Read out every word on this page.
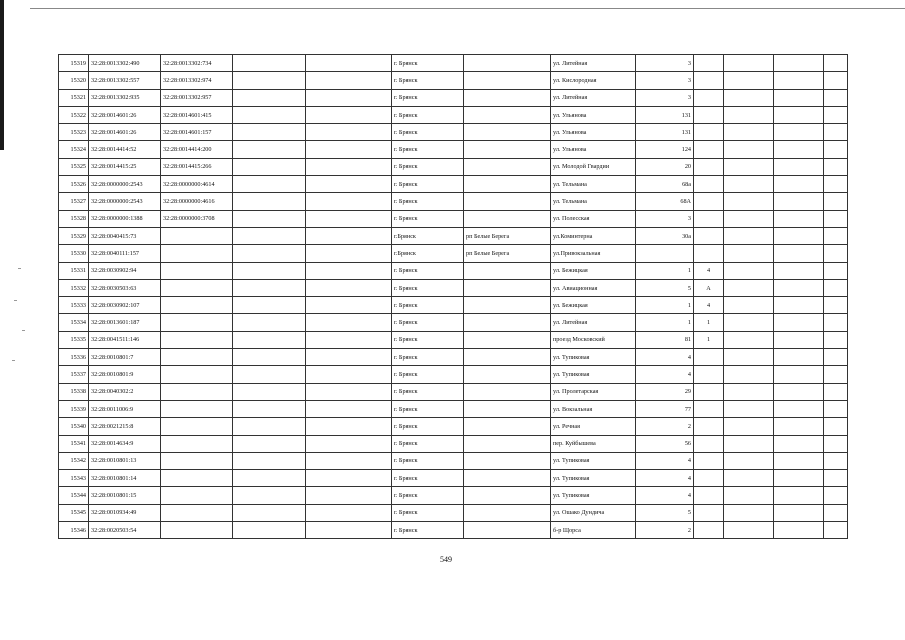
15319	32:28:0013302:490	32:28:0013302:734			г. Брянск		ул. Литейная	3				
15320	32:28:0013302:557	32:28:0013302:974			г. Брянск		ул. Кислородная	3				
15321	32:28:0013302:935	32:28:0013302:957			г. Брянск		ул. Литейная	3				
15322	32:28:0014601:26	32:28:0014601:415			г. Брянск		ул. Ульянова	131				
15323	32:28:0014601:26	32:28:0014601:157			г. Брянск		ул. Ульянова	131				
15324	32:28:0014414:52	32:28:0014414:200			г. Брянск		ул. Ульянова	124				
15325	32:28:0014415:25	32:28:0014415:266			г. Брянск		ул. Молодой Гвардии	20				
15326	32:28:0000000:2543	32:28:0000000:4614			г. Брянск		ул. Тельмана	68а				
15327	32:28:0000000:2543	32:28:0000000:4616			г. Брянск		ул. Тельмана	68А				
15328	32:28:0000000:1388	32:28:0000000:3708			г. Брянск		ул. Полесская	3				
15329	32:28:0040415:73				г.Брянск	рп Белые Берега	ул.Коминтерна	30а				
15330	32:28:0040111:157				г.Брянск	рп Белые Берега	ул.Привокзальная					
15331	32:28:0030902:94				г. Брянск		ул. Бежицкая	1	4			
15332	32:28:0030503:63				г. Брянск		ул. Авиационная	5	А			
15333	32:28:0030902:107				г. Брянск		ул. Бежицкая	1	4			
15334	32:28:0013601:187				г. Брянск		ул. Литейная	1	1			
15335	32:28:0041511:146				г. Брянск		проезд Московский	81	1			
15336	32:28:0010801:7				г. Брянск		ул. Тупиковая	4				
15337	32:28:0010801:9				г. Брянск		ул. Тупиковая	4				
15338	32:28:0040302:2				г. Брянск		ул. Пролетарская	29				
15339	32:28:0011006:9				г. Брянск		ул. Вокзальная	77				
15340	32:28:0021215:8				г. Брянск		ул. Речная	2				
15341	32:28:0014634:9				г. Брянск		пер. Куйбышева	56				
15342	32:28:0010801:13				г. Брянск		ул. Тупиковая	4				
15343	32:28:0010801:14				г. Брянск		ул. Тупиковая	4				
15344	32:28:0010801:15				г. Брянск		ул. Тупиковая	4				
15345	32:28:0010934:49				г. Брянск		ул. Ошако Дундича	5				
15346	32:28:0020503:54				г. Брянск		б-р Щорса	2				
549
